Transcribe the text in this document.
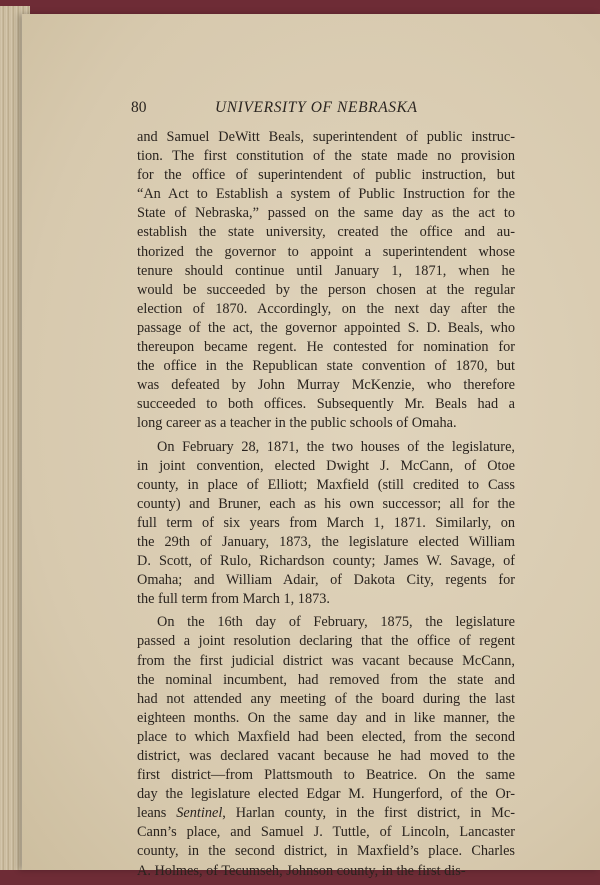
80	UNIVERSITY OF NEBRASKA
and Samuel DeWitt Beals, superintendent of public instruc-
tion. The first constitution of the state made no provision
for the office of superintendent of public instruction, but
“An Act to Establish a system of Public Instruction for the
State of Nebraska,” passed on the same day as the act to
establish the state university, created the office and au-
thorized the governor to appoint a superintendent whose
tenure should continue until January 1, 1871, when he
would be succeeded by the person chosen at the regular
election of 1870. Accordingly, on the next day after the
passage of the act, the governor appointed S. D. Beals, who
thereupon became regent. He contested for nomination for
the office in the Republican state convention of 1870, but
was defeated by John Murray McKenzie, who therefore
succeeded to both offices. Subsequently Mr. Beals had a
long career as a teacher in the public schools of Omaha.
On February 28, 1871, the two houses of the legislature,
in joint convention, elected Dwight J. McCann, of Otoe
county, in place of Elliott; Maxfield (still credited to Cass
county) and Bruner, each as his own successor; all for the
full term of six years from March 1, 1871. Similarly, on
the 29th of January, 1873, the legislature elected William
D. Scott, of Rulo, Richardson county; James W. Savage, of
Omaha; and William Adair, of Dakota City, regents for
the full term from March 1, 1873.
On the 16th day of February, 1875, the legislature
passed a joint resolution declaring that the office of regent
from the first judicial district was vacant because McCann,
the nominal incumbent, had removed from the state and
had not attended any meeting of the board during the last
eighteen months. On the same day and in like manner, the
place to which Maxfield had been elected, from the second
district, was declared vacant because he had moved to the
first district—from Plattsmouth to Beatrice. On the same
day the legislature elected Edgar M. Hungerford, of the Or-
leans Sentinel, Harlan county, in the first district, in Mc-
Cann’s place, and Samuel J. Tuttle, of Lincoln, Lancaster
county, in the second district, in Maxfield’s place. Charles
A. Holmes, of Tecumseh, Johnson county, in the first dis-
